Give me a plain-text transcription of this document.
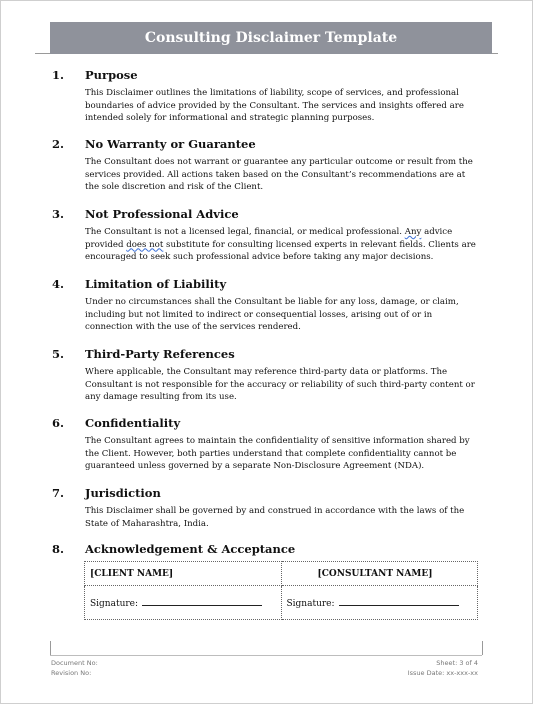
Consulting Disclaimer Template
1. Purpose
This Disclaimer outlines the limitations of liability, scope of services, and professional boundaries of advice provided by the Consultant. The services and insights offered are intended solely for informational and strategic planning purposes.
2. No Warranty or Guarantee
The Consultant does not warrant or guarantee any particular outcome or result from the services provided. All actions taken based on the Consultant’s recommendations are at the sole discretion and risk of the Client.
3. Not Professional Advice
The Consultant is not a licensed legal, financial, or medical professional. Any advice provided does not substitute for consulting licensed experts in relevant fields. Clients are encouraged to seek such professional advice before taking any major decisions.
4. Limitation of Liability
Under no circumstances shall the Consultant be liable for any loss, damage, or claim, including but not limited to indirect or consequential losses, arising out of or in connection with the use of the services rendered.
5. Third-Party References
Where applicable, the Consultant may reference third-party data or platforms. The Consultant is not responsible for the accuracy or reliability of such third-party content or any damage resulting from its use.
6. Confidentiality
The Consultant agrees to maintain the confidentiality of sensitive information shared by the Client. However, both parties understand that complete confidentiality cannot be guaranteed unless governed by a separate Non-Disclosure Agreement (NDA).
7. Jurisdiction
This Disclaimer shall be governed by and construed in accordance with the laws of the State of Maharashtra, India.
8. Acknowledgement & Acceptance
[CLIENT NAME]	[CONSULTANT NAME]
Signature:	Signature:
Document No:
Revision No:
Sheet: 3 of 4
Issue Date: xx-xxx-xx
